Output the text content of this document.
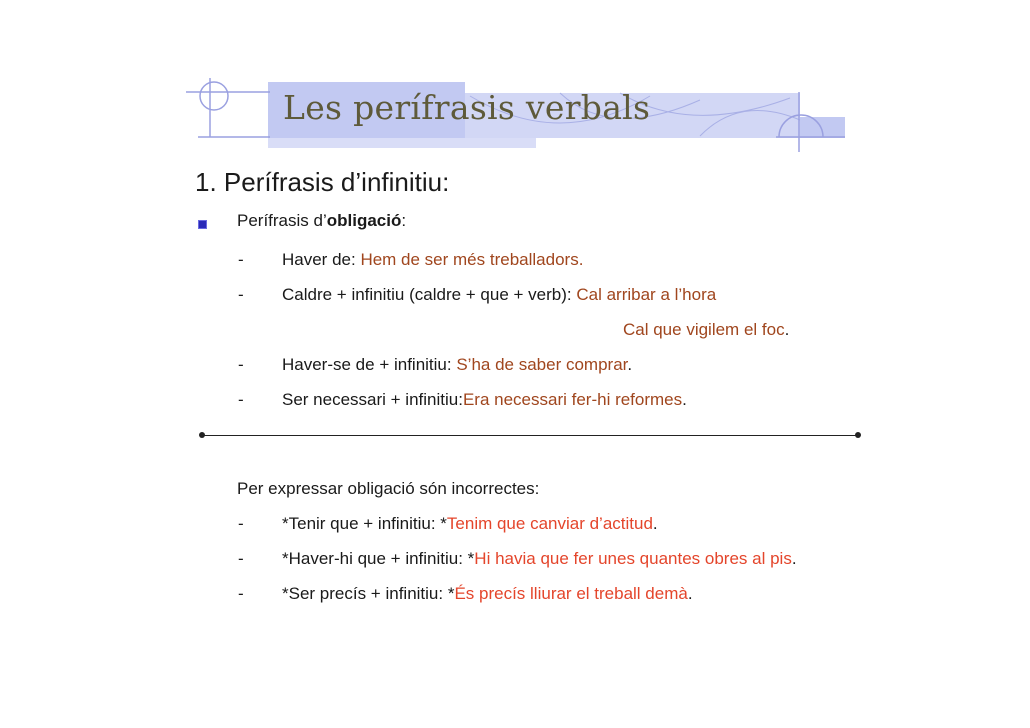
Les perífrasis verbals
1. Perífrasis d’infinitiu:
Perífrasis d’obligació:
- Haver de: Hem de ser més treballadors.
- Caldre + infinitiu (caldre + que + verb): Cal arribar a l’hora
Cal que vigilem el foc.
- Haver-se de + infinitiu: S’ha de saber comprar.
- Ser necessari + infinitiu:Era necessari fer-hi reformes.
Per expressar obligació són incorrectes:
- *Tenir que + infinitiu: *Tenim que canviar d’actitud.
- *Haver-hi que + infinitiu: *Hi havia que fer unes quantes obres al pis.
- *Ser precís + infinitiu: *És precís lliurar el treball demà.
